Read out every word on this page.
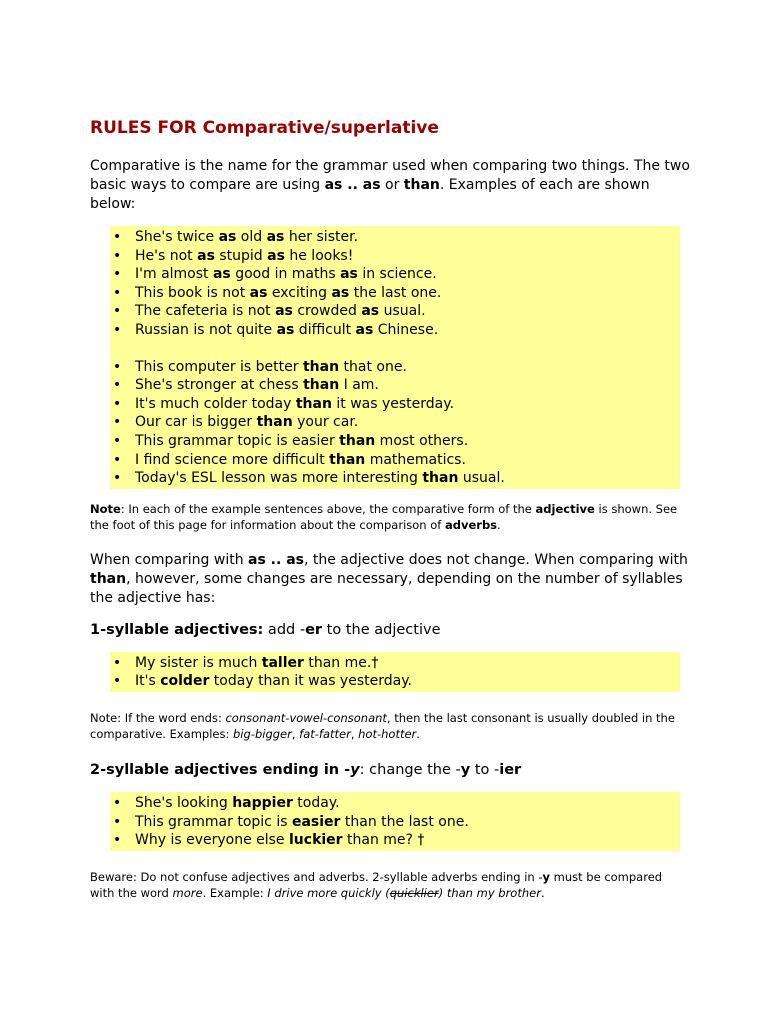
RULES FOR Comparative/superlative

Comparative is the name for the grammar used when comparing two things. The two basic ways to compare are using as .. as or than. Examples of each are shown below:

• She's twice as old as her sister.
• He's not as stupid as he looks!
• I'm almost as good in maths as in science.
• This book is not as exciting as the last one.
• The cafeteria is not as crowded as usual.
• Russian is not quite as difficult as Chinese.
• This computer is better than that one.
• She's stronger at chess than I am.
• It's much colder today than it was yesterday.
• Our car is bigger than your car.
• This grammar topic is easier than most others.
• I find science more difficult than mathematics.
• Today's ESL lesson was more interesting than usual.

Note: In each of the example sentences above, the comparative form of the adjective is shown. See the foot of this page for information about the comparison of adverbs.

When comparing with as .. as, the adjective does not change. When comparing with than, however, some changes are necessary, depending on the number of syllables the adjective has:

1-syllable adjectives: add -er to the adjective

• My sister is much taller than me.†
• It's colder today than it was yesterday.

Note: If the word ends: consonant-vowel-consonant, then the last consonant is usually doubled in the comparative. Examples: big-bigger, fat-fatter, hot-hotter.

2-syllable adjectives ending in -y: change the -y to -ier

• She's looking happier today.
• This grammar topic is easier than the last one.
• Why is everyone else luckier than me? †

Beware: Do not confuse adjectives and adverbs. 2-syllable adverbs ending in -y must be compared with the word more. Example: I drive more quickly (quicklier) than my brother.
